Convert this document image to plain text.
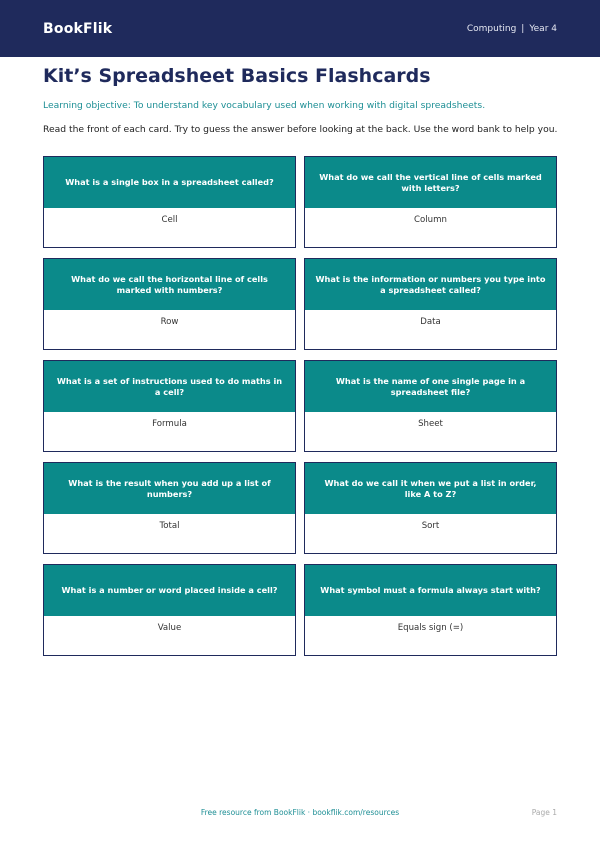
BookFlik	Computing | Year 4
Kit’s Spreadsheet Basics Flashcards

Learning objective: To understand key vocabulary used when working with digital spreadsheets.

Read the front of each card. Try to guess the answer before looking at the back. Use the word bank to help you.

What is a single box in a spreadsheet called?
Cell
What do we call the vertical line of cells marked with letters?
Column
What do we call the horizontal line of cells marked with numbers?
Row
What is the information or numbers you type into a spreadsheet called?
Data
What is a set of instructions used to do maths in a cell?
Formula
What is the name of one single page in a spreadsheet file?
Sheet
What is the result when you add up a list of numbers?
Total
What do we call it when we put a list in order, like A to Z?
Sort
What is a number or word placed inside a cell?
Value
What symbol must a formula always start with?
Equals sign (=)
Free resource from BookFlik · bookflik.com/resources	Page 1
